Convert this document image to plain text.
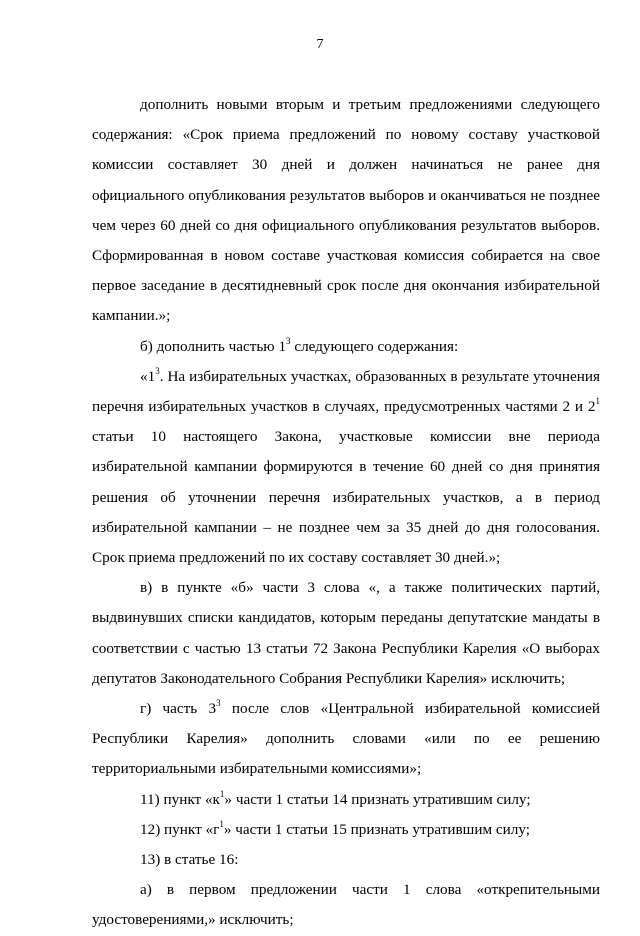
7

дополнить новыми вторым и третьим предложениями следующего содержания: «Срок приема предложений по новому составу участковой комиссии составляет 30 дней и должен начинаться не ранее дня официального опубликования результатов выборов и оканчиваться не позднее чем через 60 дней со дня официального опубликования результатов выборов. Сформированная в новом составе участковая комиссия собирается на свое первое заседание в десятидневный срок после дня окончания избирательной кампании.»;

б) дополнить частью $1^3$ следующего содержания:

«$1^3$. На избирательных участках, образованных в результате уточнения перечня избирательных участков в случаях, предусмотренных частями 2 и $2^1$ статьи 10 настоящего Закона, участковые комиссии вне периода избирательной кампании формируются в течение 60 дней со дня принятия решения об уточнении перечня избирательных участков, а в период избирательной кампании – не позднее чем за 35 дней до дня голосования. Срок приема предложений по их составу составляет 30 дней.»;

в) в пункте «б» части 3 слова «, а также политических партий, выдвинувших списки кандидатов, которым переданы депутатские мандаты в соответствии с частью 13 статьи 72 Закона Республики Карелия «О выборах депутатов Законодательного Собрания Республики Карелия» исключить;

г) часть $3^3$ после слов «Центральной избирательной комиссией Республики Карелия» дополнить словами «или по ее решению территориальными избирательными комиссиями»;

11) пункт «$к^1$» части 1 статьи 14 признать утратившим силу;

12) пункт «$г^1$» части 1 статьи 15 признать утратившим силу;

13) в статье 16:

а) в первом предложении части 1 слова «открепительными удостоверениями,» исключить;
